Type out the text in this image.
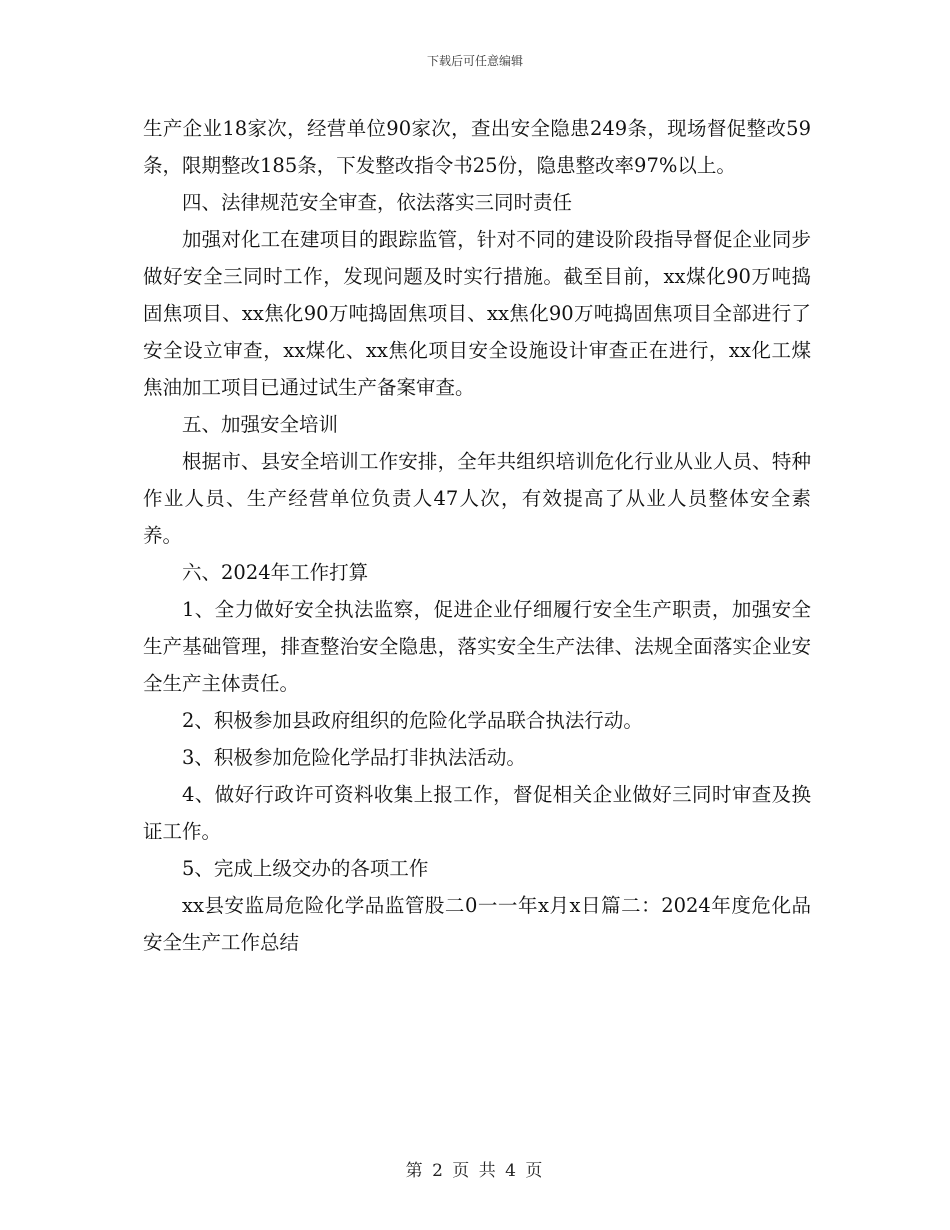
下载后可任意编辑

生产企业18家次，经营单位90家次，查出安全隐患249条，现场督促整改59条，限期整改185条，下发整改指令书25份，隐患整改率97%以上。

四、法律规范安全审查，依法落实三同时责任

加强对化工在建项目的跟踪监管，针对不同的建设阶段指导督促企业同步做好安全三同时工作，发现问题及时实行措施。截至目前，xx煤化90万吨捣固焦项目、xx焦化90万吨捣固焦项目、xx焦化90万吨捣固焦项目全部进行了安全设立审查，xx煤化、xx焦化项目安全设施设计审查正在进行，xx化工煤焦油加工项目已通过试生产备案审查。

五、加强安全培训

根据市、县安全培训工作安排，全年共组织培训危化行业从业人员、特种作业人员、生产经营单位负责人47人次，有效提高了从业人员整体安全素养。

六、2024年工作打算

1、全力做好安全执法监察，促进企业仔细履行安全生产职责，加强安全生产基础管理，排查整治安全隐患，落实安全生产法律、法规全面落实企业安全生产主体责任。

2、积极参加县政府组织的危险化学品联合执法行动。

3、积极参加危险化学品打非执法活动。

4、做好行政许可资料收集上报工作，督促相关企业做好三同时审查及换证工作。

5、完成上级交办的各项工作

xx县安监局危险化学品监管股二0一一年x月x日篇二：2024年度危化品安全生产工作总结

第 2 页 共 4 页
